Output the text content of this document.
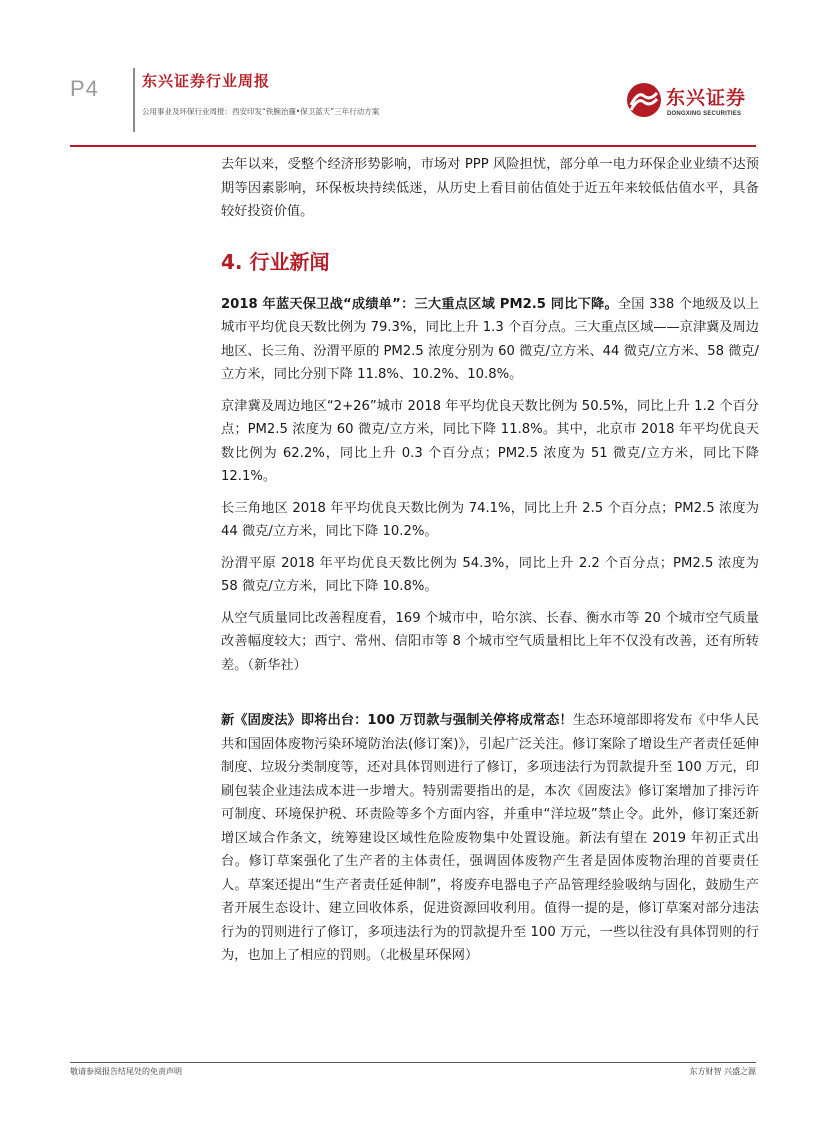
P4	东兴证券行业周报
公用事业及环保行业周报：西安印发“铁腕治霾•保卫蓝天”三年行动方案
东兴证券
DONGXING SECURITIES

去年以来，受整个经济形势影响，市场对 PPP 风险担忧，部分单一电力环保企业业绩不达预期等因素影响，环保板块持续低迷，从历史上看目前估值处于近五年来较低估值水平，具备较好投资价值。

4. 行业新闻

2018 年蓝天保卫战“成绩单”：三大重点区域 PM2.5 同比下降。全国 338 个地级及以上城市平均优良天数比例为 79.3%，同比上升 1.3 个百分点。三大重点区域——京津冀及周边地区、长三角、汾渭平原的 PM2.5 浓度分别为 60 微克/立方米、44 微克/立方米、58 微克/立方米，同比分别下降 11.8%、10.2%、10.8%。

京津冀及周边地区“2+26”城市 2018 年平均优良天数比例为 50.5%，同比上升 1.2 个百分点；PM2.5 浓度为 60 微克/立方米，同比下降 11.8%。其中，北京市 2018 年平均优良天数比例为 62.2%，同比上升 0.3 个百分点；PM2.5 浓度为 51 微克/立方米，同比下降 12.1%。

长三角地区 2018 年平均优良天数比例为 74.1%，同比上升 2.5 个百分点；PM2.5 浓度为 44 微克/立方米，同比下降 10.2%。

汾渭平原 2018 年平均优良天数比例为 54.3%，同比上升 2.2 个百分点；PM2.5 浓度为 58 微克/立方米，同比下降 10.8%。

从空气质量同比改善程度看，169 个城市中，哈尔滨、长春、衡水市等 20 个城市空气质量改善幅度较大；西宁、常州、信阳市等 8 个城市空气质量相比上年不仅没有改善，还有所转差。（新华社）

新《固废法》即将出台：100 万罚款与强制关停将成常态！生态环境部即将发布《中华人民共和国固体废物污染环境防治法(修订案)》，引起广泛关注。修订案除了增设生产者责任延伸制度、垃圾分类制度等，还对具体罚则进行了修订，多项违法行为罚款提升至 100 万元，印刷包装企业违法成本进一步增大。特别需要指出的是，本次《固废法》修订案增加了排污许可制度、环境保护税、环责险等多个方面内容，并重申“洋垃圾”禁止令。此外，修订案还新增区域合作条文，统筹建设区域性危险废物集中处置设施。新法有望在 2019 年初正式出台。修订草案强化了生产者的主体责任，强调固体废物产生者是固体废物治理的首要责任人。草案还提出“生产者责任延伸制”，将废弃电器电子产品管理经验吸纳与固化，鼓励生产者开展生态设计、建立回收体系，促进资源回收利用。值得一提的是，修订草案对部分违法行为的罚则进行了修订，多项违法行为的罚款提升至 100 万元，一些以往没有具体罚则的行为，也加上了相应的罚则。（北极星环保网）

敬请参阅报告结尾处的免责声明	东方财智 兴盛之源
